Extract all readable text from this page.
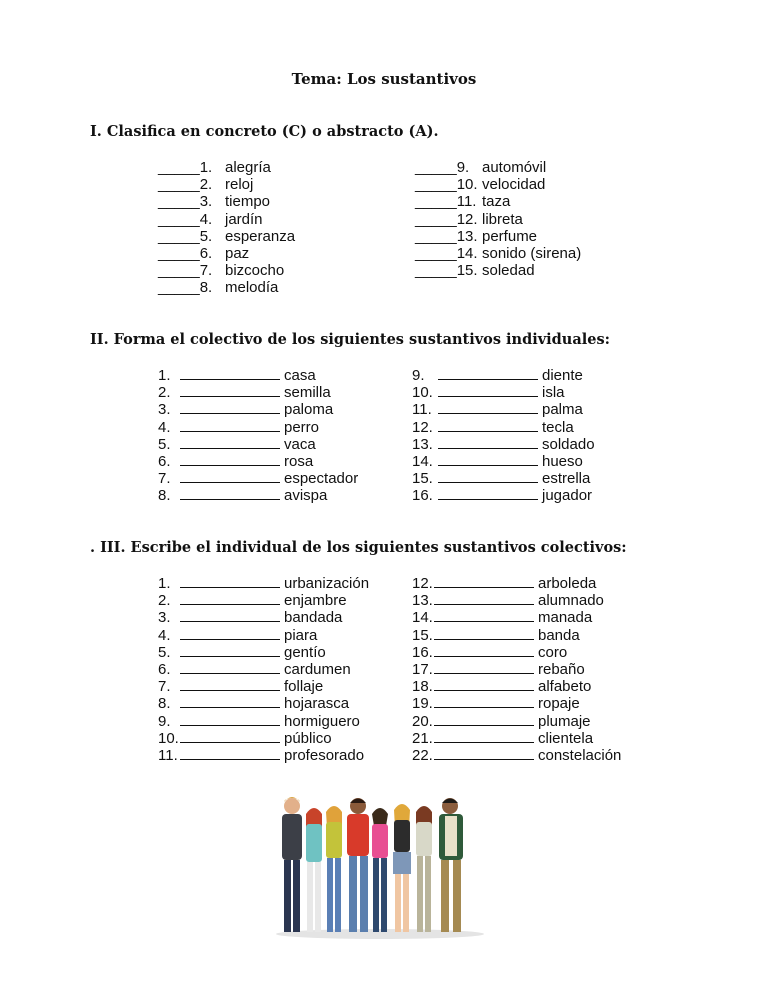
Tema: Los sustantivos
I. Clasifica en concreto (C) o abstracto (A).
_____1. alegría
_____2. reloj
_____3. tiempo
_____4. jardín
_____5. esperanza
_____6. paz
_____7. bizcocho
_____8. melodía
_____9. automóvil
_____10. velocidad
_____11. taza
_____12. libreta
_____13. perfume
_____14. sonido (sirena)
_____15. soledad
II. Forma el colectivo de los siguientes sustantivos individuales:
1.	casa
2.	semilla
3.	paloma
4.	perro
5.	vaca
6.	rosa
7.	espectador
8.	avispa
9.	diente
10.	isla
11.	palma
12.	tecla
13.	soldado
14.	hueso
15.	estrella
16.	jugador
. III. Escribe el individual de los siguientes sustantivos colectivos:
1.	urbanización
2.	enjambre
3.	bandada
4.	piara
5.	gentío
6.	cardumen
7.	follaje
8.	hojarasca
9.	hormiguero
10.	público
11.	profesorado
12.	arboleda
13.	alumnado
14.	manada
15.	banda
16.	coro
17.	rebaño
18.	alfabeto
19.	ropaje
20.	plumaje
21.	clientela
22.	constelación
